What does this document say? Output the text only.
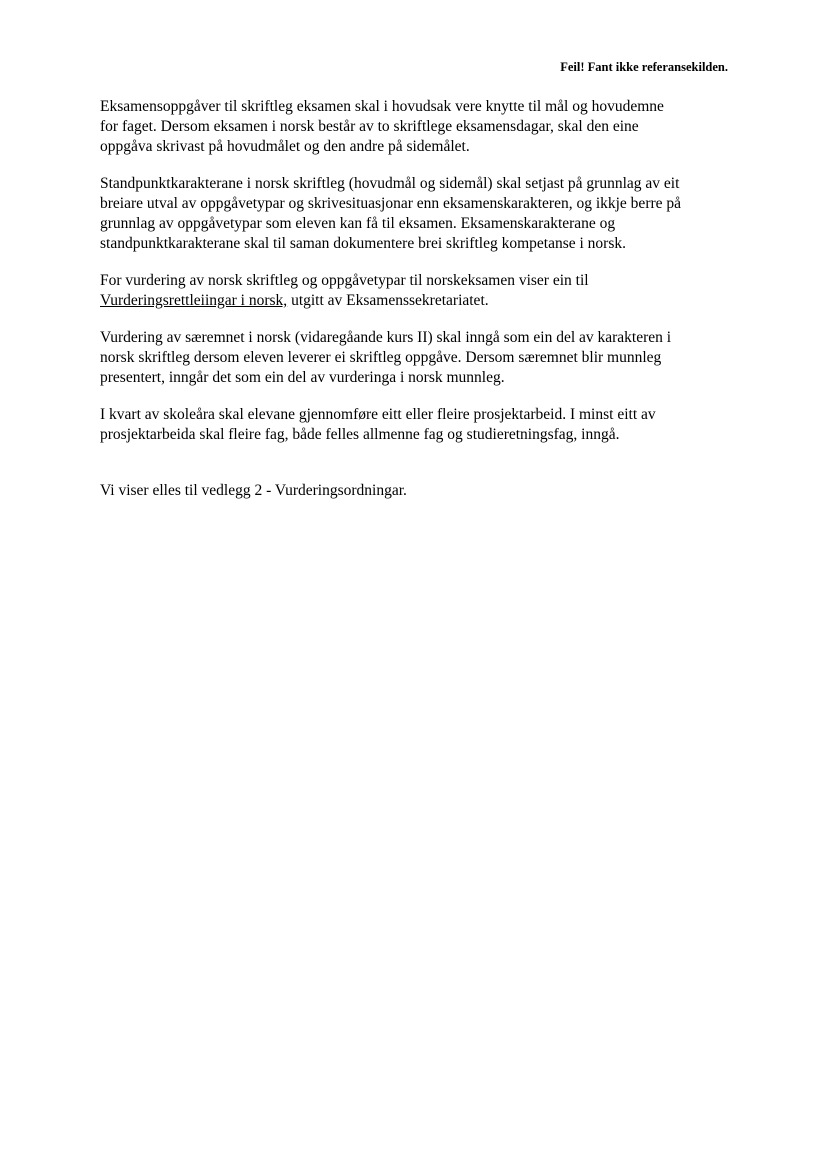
Feil! Fant ikke referansekilden.

Eksamensoppgåver til skriftleg eksamen skal i hovudsak vere knytte til mål og hovudemne
for faget. Dersom eksamen i norsk består av to skriftlege eksamensdagar, skal den eine
oppgåva skrivast på hovudmålet og den andre på sidemålet.

Standpunktkarakterane i norsk skriftleg (hovudmål og sidemål) skal setjast på grunnlag av eit
breiare utval av oppgåvetypar og skrivesituasjonar enn eksamenskarakteren, og ikkje berre på
grunnlag av oppgåvetypar som eleven kan få til eksamen. Eksamenskarakterane og
standpunktkarakterane skal til saman dokumentere brei skriftleg kompetanse i norsk.

For vurdering av norsk skriftleg og oppgåvetypar til norskeksamen viser ein til
Vurderingsrettleiingar i norsk, utgitt av Eksamenssekretariatet.

Vurdering av særemnet i norsk (vidaregåande kurs II) skal inngå som ein del av karakteren i
norsk skriftleg dersom eleven leverer ei skriftleg oppgåve. Dersom særemnet blir munnleg
presentert, inngår det som ein del av vurderinga i norsk munnleg.

I kvart av skoleåra skal elevane gjennomføre eitt eller fleire prosjektarbeid. I minst eitt av
prosjektarbeida skal fleire fag, både felles allmenne fag og studieretningsfag, inngå.

Vi viser elles til vedlegg 2 - Vurderingsordningar.
